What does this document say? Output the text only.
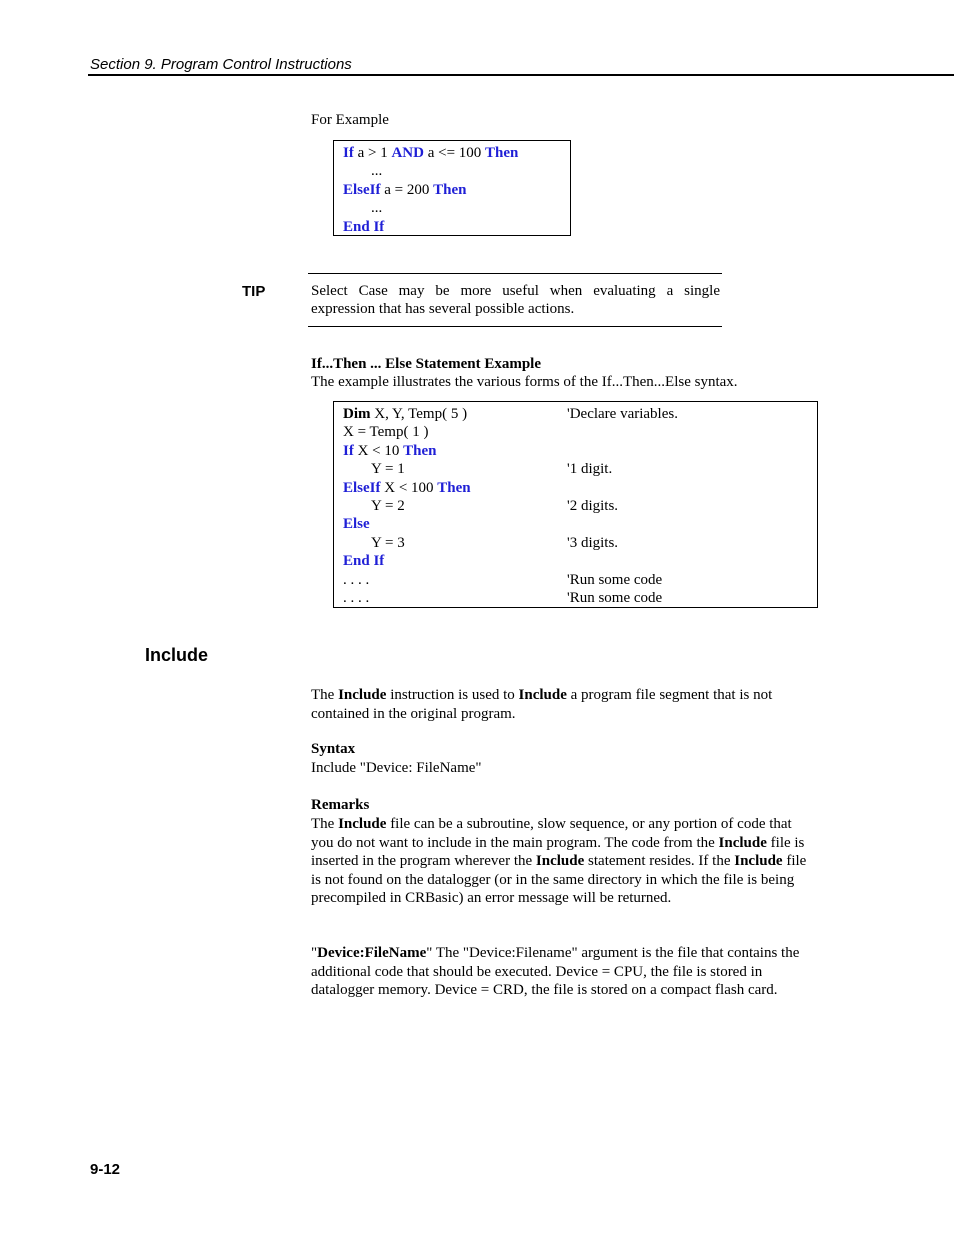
Section 9. Program Control Instructions
For Example
If a > 1 AND a <= 100 Then
...
ElseIf a = 200 Then
...
End If
TIP	Select Case may be more useful when evaluating a single expression that has several possible actions.
If...Then ... Else Statement Example
The example illustrates the various forms of the If...Then...Else syntax.
Dim X, Y, Temp( 5 )	'Declare variables.
X = Temp( 1 )
If X < 10 Then
Y = 1	'1 digit.
ElseIf X < 100 Then
Y = 2	'2 digits.
Else
Y = 3	'3 digits.
End If
. . . .	'Run some code
. . . .	'Run some code
Include
The Include instruction is used to Include a program file segment that is not contained in the original program.
Syntax
Include "Device: FileName"
Remarks
The Include file can be a subroutine, slow sequence, or any portion of code that you do not want to include in the main program. The code from the Include file is inserted in the program wherever the Include statement resides. If the Include file is not found on the datalogger (or in the same directory in which the file is being precompiled in CRBasic) an error message will be returned.
"Device:FileName" The "Device:Filename" argument is the file that contains the additional code that should be executed. Device = CPU, the file is stored in datalogger memory. Device = CRD, the file is stored on a compact flash card.
9-12
